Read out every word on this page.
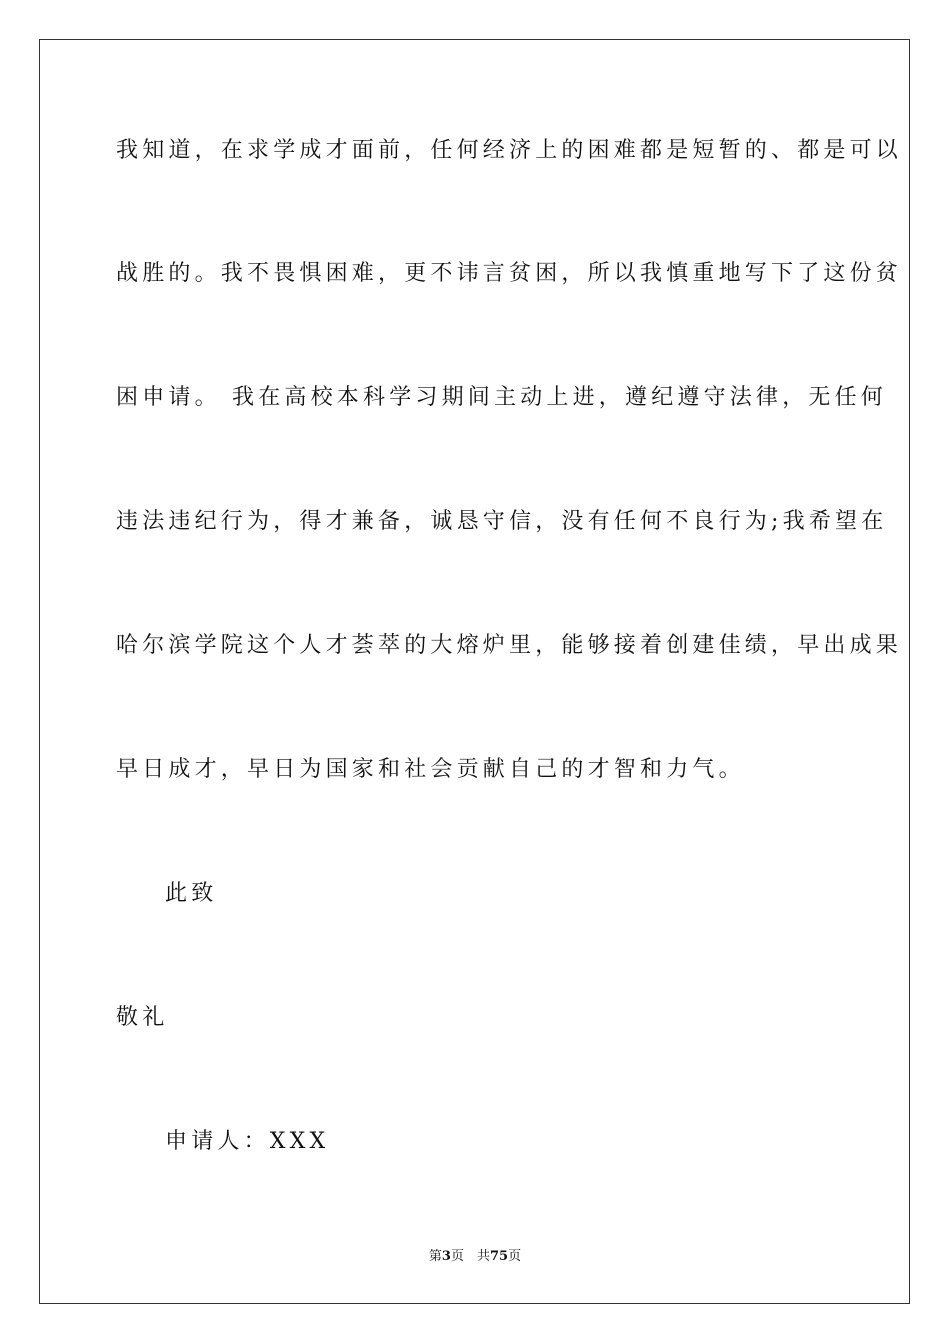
我知道，在求学成才面前，任何经济上的困难都是短暂的、都是可以
战胜的。我不畏惧困难，更不讳言贫困，所以我慎重地写下了这份贫
困申请。 我在高校本科学习期间主动上进，遵纪遵守法律，无任何
违法违纪行为，得才兼备，诚恳守信，没有任何不良行为;我希望在
哈尔滨学院这个人才荟萃的大熔炉里，能够接着创建佳绩，早出成果
早日成才，早日为国家和社会贡献自己的才智和力气。
此致
敬礼
申请人：XXX
第3页　共75页
